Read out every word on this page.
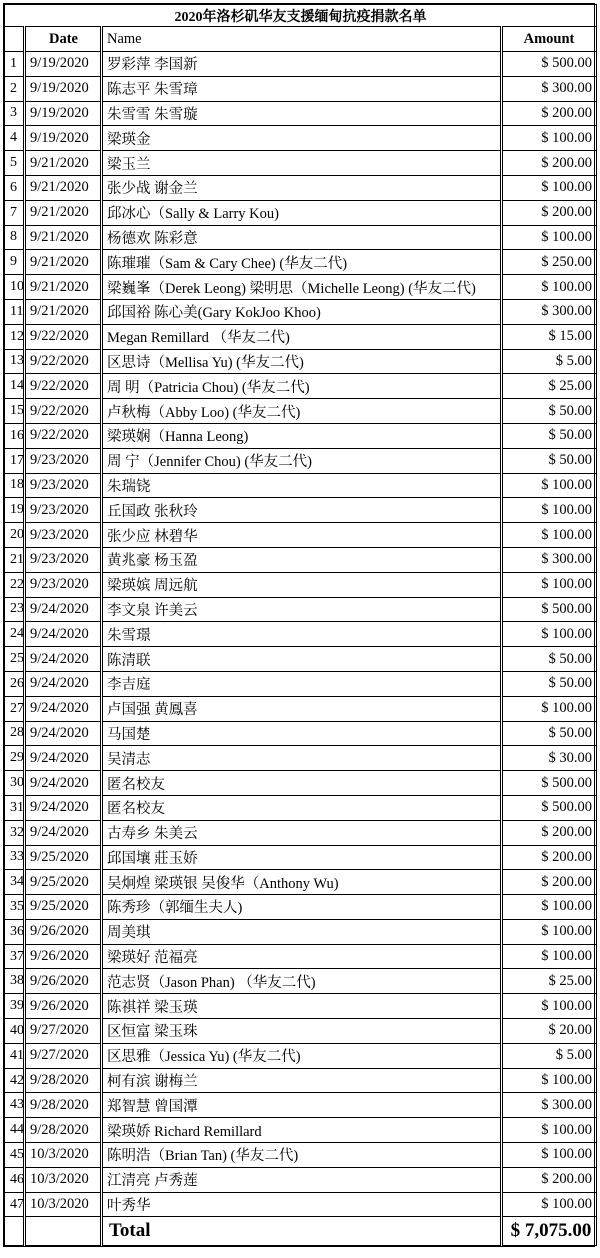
2020年洛杉矶华友支援缅甸抗疫捐款名单			
	Date	Name	Amount
1	9/19/2020	罗彩萍 李国新	$ 500.00
2	9/19/2020	陈志平 朱雪璋	$ 300.00
3	9/19/2020	朱雪雪 朱雪璇	$ 200.00
4	9/19/2020	梁瑛金	$ 100.00
5	9/21/2020	梁玉兰	$ 200.00
6	9/21/2020	张少战 谢金兰	$ 100.00
7	9/21/2020	邱冰心（Sally & Larry Kou)	$ 200.00
8	9/21/2020	杨德欢 陈彩意	$ 100.00
9	9/21/2020	陈璀璀（Sam & Cary Chee) (华友二代)	$ 250.00
10	9/21/2020	梁巍峯（Derek Leong) 梁明思（Michelle Leong) (华友二代)	$ 100.00
11	9/21/2020	邱国裕 陈心美(Gary KokJoo Khoo)	$ 300.00
12	9/22/2020	Megan Remillard （华友二代)	$ 15.00
13	9/22/2020	区思诗（Mellisa Yu) (华友二代)	$ 5.00
14	9/22/2020	周 明（Patricia Chou) (华友二代)	$ 25.00
15	9/22/2020	卢秋梅（Abby Loo) (华友二代)	$ 50.00
16	9/22/2020	梁瑛娴（Hanna Leong)	$ 50.00
17	9/23/2020	周 宁（Jennifer Chou) (华友二代)	$ 50.00
18	9/23/2020	朱瑞铙	$ 100.00
19	9/23/2020	丘国政 张秋玲	$ 100.00
20	9/23/2020	张少应 林碧华	$ 100.00
21	9/23/2020	黄兆豪 杨玉盈	$ 300.00
22	9/23/2020	梁瑛嫔 周远航	$ 100.00
23	9/24/2020	李文泉 许美云	$ 500.00
24	9/24/2020	朱雪璟	$ 100.00
25	9/24/2020	陈清联	$ 50.00
26	9/24/2020	李吉庭	$ 50.00
27	9/24/2020	卢国强 黄鳳喜	$ 100.00
28	9/24/2020	马国楚	$ 50.00
29	9/24/2020	吴清志	$ 30.00
30	9/24/2020	匿名校友	$ 500.00
31	9/24/2020	匿名校友	$ 500.00
32	9/24/2020	古寿乡 朱美云	$ 200.00
33	9/25/2020	邱国壤 莊玉娇	$ 200.00
34	9/25/2020	吴炯煌 梁瑛银 吴俊华（Anthony Wu)	$ 200.00
35	9/25/2020	陈秀珍（郭缅生夫人)	$ 100.00
36	9/26/2020	周美琪	$ 100.00
37	9/26/2020	梁瑛好 范福亮	$ 100.00
38	9/26/2020	范志贤（Jason Phan) （华友二代)	$ 25.00
39	9/26/2020	陈祺祥 梁玉瑛	$ 100.00
40	9/27/2020	区恒富 梁玉珠	$ 20.00
41	9/27/2020	区思雅（Jessica Yu) (华友二代)	$ 5.00
42	9/28/2020	柯有滨 谢梅兰	$ 100.00
43	9/28/2020	郑智慧 曾国潭	$ 300.00
44	9/28/2020	梁瑛娇 Richard Remillard	$ 100.00
45	10/3/2020	陈明浩（Brian Tan) (华友二代)	$ 100.00
46	10/3/2020	江清亮 卢秀莲	$ 200.00
47	10/3/2020	叶秀华	$ 100.00
		Total	$ 7,075.00
